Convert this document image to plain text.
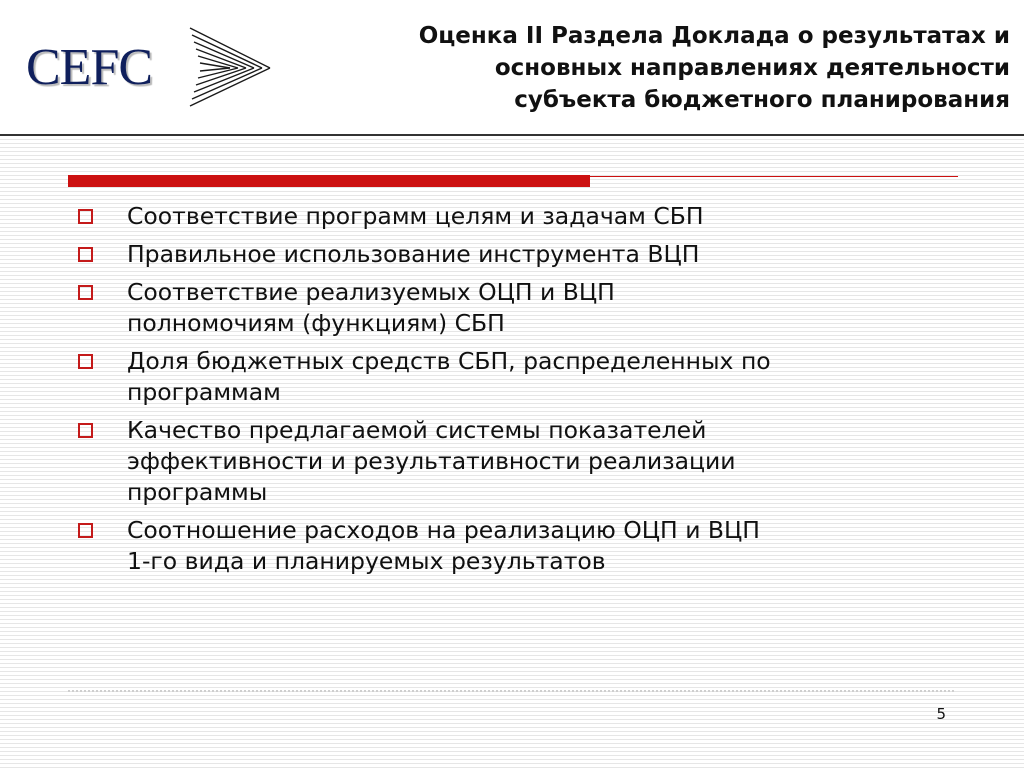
CEFC
Оценка II Раздела Доклада о результатах и
основных направлениях деятельности
субъекта бюджетного планирования
Соответствие программ целям и задачам СБП
Правильное использование инструмента ВЦП
Соответствие реализуемых ОЦП и ВЦП
полномочиям (функциям) СБП
Доля бюджетных средств СБП, распределенных по
программам
Качество предлагаемой системы показателей
эффективности и результативности реализации
программы
Соотношение расходов на реализацию ОЦП и ВЦП
1-го вида и планируемых результатов
5
